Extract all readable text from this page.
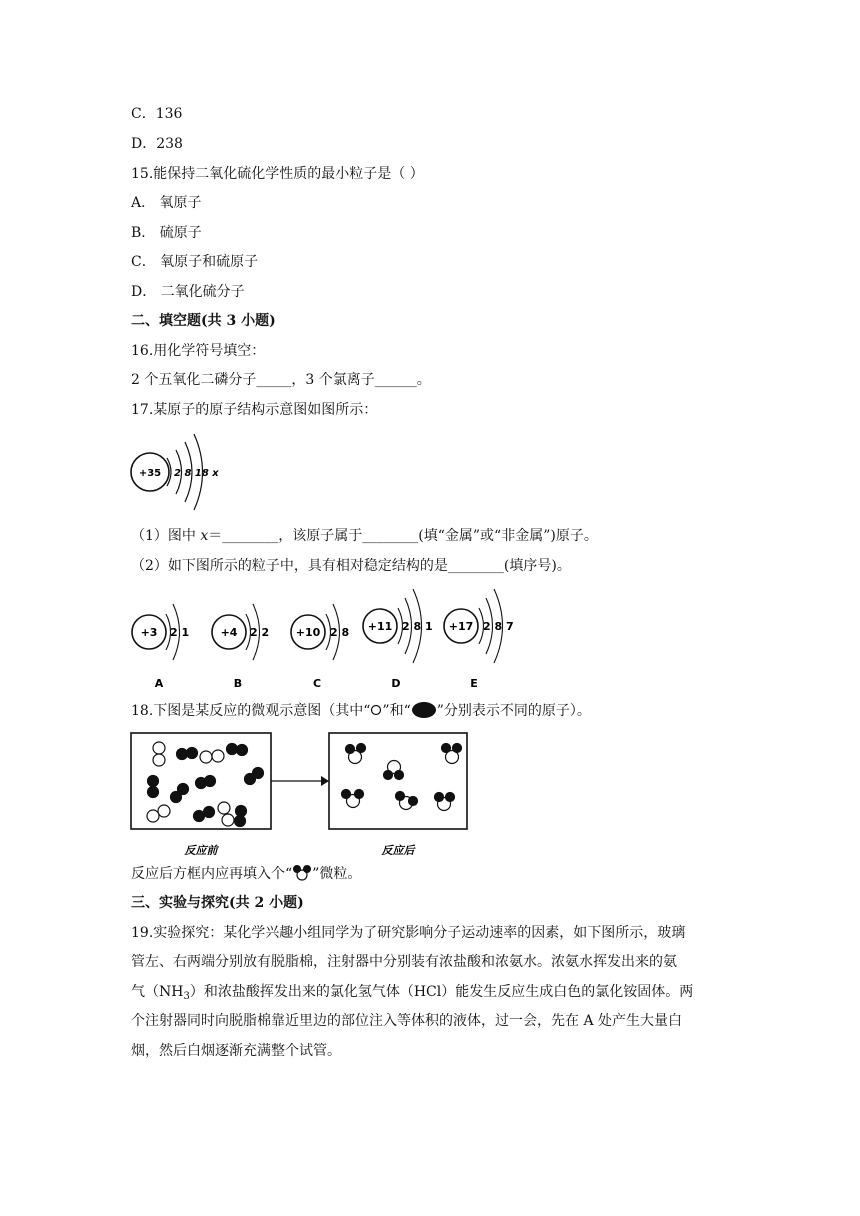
C．136
D．238
15.能保持二氧化硫化学性质的最小粒子是（ ）
A． 氧原子
B． 硫原子
C． 氧原子和硫原子
D． 二氧化硫分子
二、填空题(共 3 小题)
16.用化学符号填空：
2 个五氧化二磷分子_____，3 个氯离子______。
17.某原子的原子结构示意图如图所示：
+35 2 8 18 x
（1）图中 x＝________，该原子属于________(填“金属”或“非金属”)原子。
（2）如下图所示的粒子中，具有相对稳定结构的是________(填序号)。
+3 2 1
A
+4 2 2
B
+10 2 8
C
+11 2 8 1
D
+17 2 8 7
E
18.下图是某反应的微观示意图（其中“ ”和“ ”分别表示不同的原子）。
反应前	反应后
反应后方框内应再填入个“ ”微粒。
三、实验与探究(共 2 小题)
19.实验探究：某化学兴趣小组同学为了研究影响分子运动速率的因素，如下图所示，玻璃
管左、右两端分别放有脱脂棉，注射器中分别装有浓盐酸和浓氨水。浓氨水挥发出来的氨
气$(NH_3)$和浓盐酸挥发出来的氯化氢气体（HCl）能发生反应生成白色的氯化铵固体。两
个注射器同时向脱脂棉靠近里边的部位注入等体积的液体，过一会，先在 A 处产生大量白
烟，然后白烟逐渐充满整个试管。
